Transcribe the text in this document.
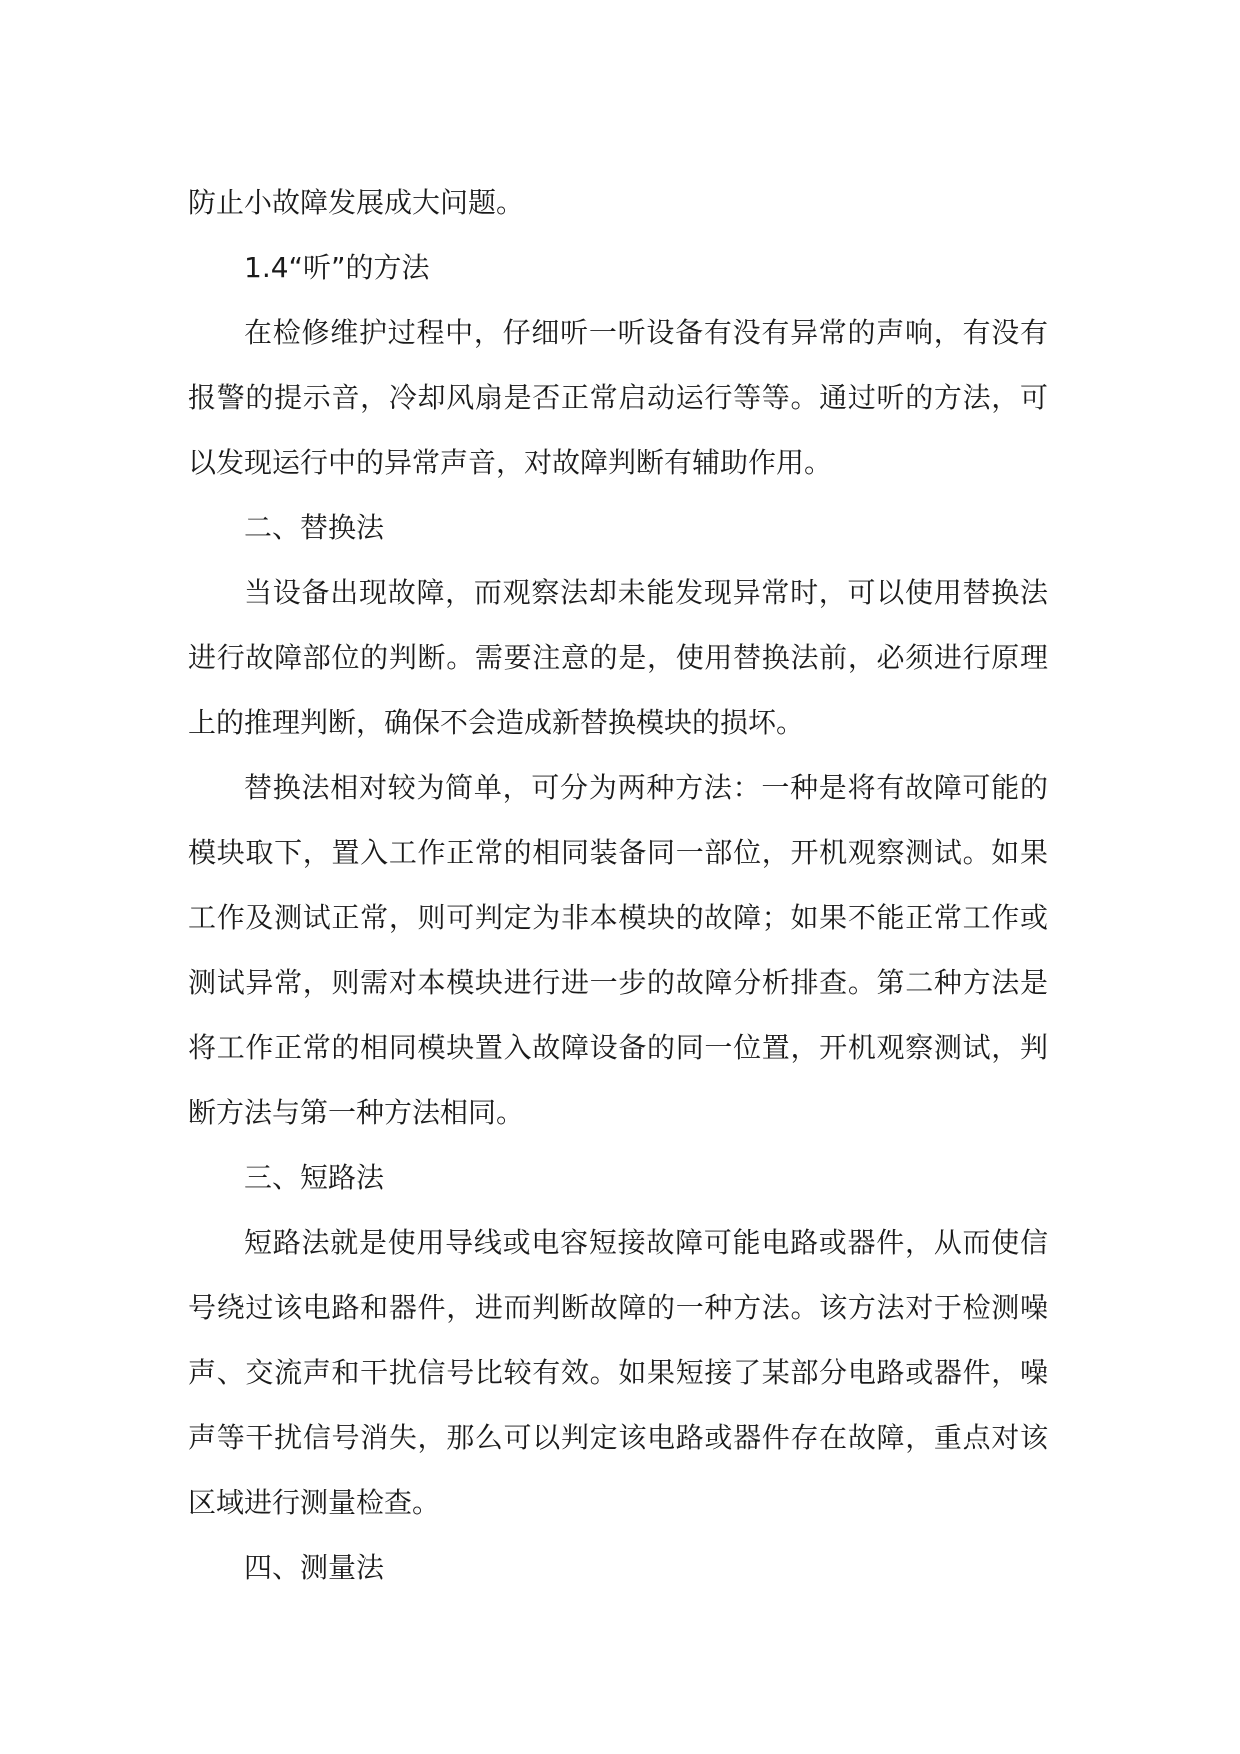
防止小故障发展成大问题。

1.4“听”的方法

在检修维护过程中，仔细听一听设备有没有异常的声响，有没有报警的提示音，冷却风扇是否正常启动运行等等。通过听的方法，可以发现运行中的异常声音，对故障判断有辅助作用。

二、替换法

当设备出现故障，而观察法却未能发现异常时，可以使用替换法进行故障部位的判断。需要注意的是，使用替换法前，必须进行原理上的推理判断，确保不会造成新替换模块的损坏。

替换法相对较为简单，可分为两种方法：一种是将有故障可能的模块取下，置入工作正常的相同装备同一部位，开机观察测试。如果工作及测试正常，则可判定为非本模块的故障；如果不能正常工作或测试异常，则需对本模块进行进一步的故障分析排查。第二种方法是将工作正常的相同模块置入故障设备的同一位置，开机观察测试，判断方法与第一种方法相同。

三、短路法

短路法就是使用导线或电容短接故障可能电路或器件，从而使信号绕过该电路和器件，进而判断故障的一种方法。该方法对于检测噪声、交流声和干扰信号比较有效。如果短接了某部分电路或器件，噪声等干扰信号消失，那么可以判定该电路或器件存在故障，重点对该区域进行测量检查。

四、测量法
